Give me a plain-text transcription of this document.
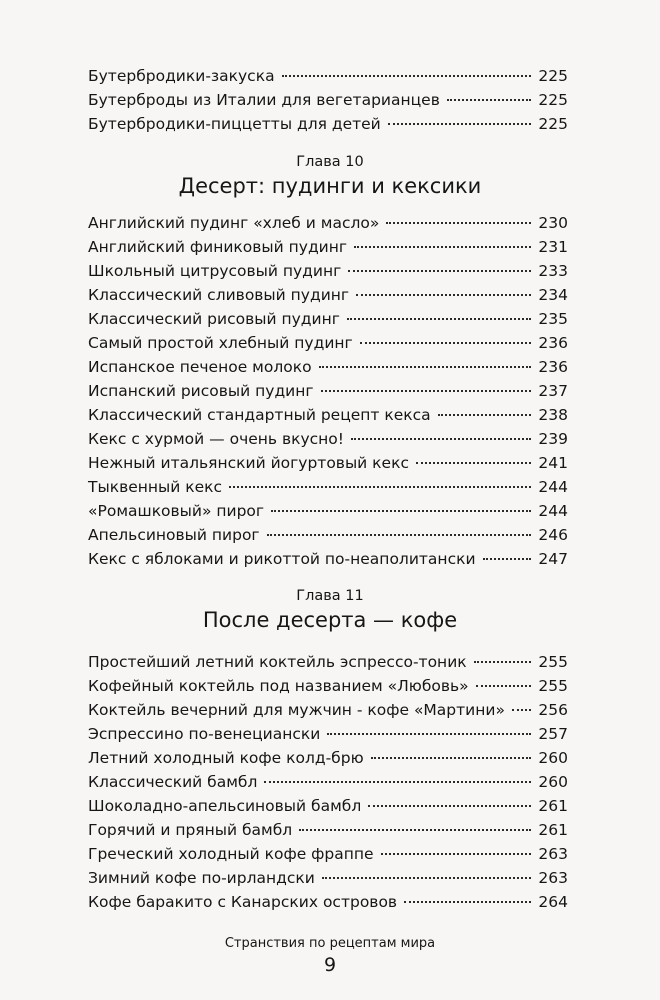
Бутербродики-закуска	225
Бутерброды из Италии для вегетарианцев	225
Бутербродики-пиццетты для детей	225
Глава 10
Десерт: пудинги и кексики
Английский пудинг «хлеб и масло»	230
Английский финиковый пудинг	231
Школьный цитрусовый пудинг	233
Классический сливовый пудинг	234
Классический рисовый пудинг	235
Самый простой хлебный пудинг	236
Испанское печеное молоко	236
Испанский рисовый пудинг	237
Классический стандартный рецепт кекса	238
Кекс с хурмой — очень вкусно!	239
Нежный итальянский йогуртовый кекс	241
Тыквенный кекс	244
«Ромашковый» пирог	244
Апельсиновый пирог	246
Кекс с яблоками и рикоттой по-неаполитански	247
Глава 11
После десерта — кофе
Простейший летний коктейль эспрессо-тоник	255
Кофейный коктейль под названием «Любовь»	255
Коктейль вечерний для мужчин - кофе «Мартини» 256
Эспрессино по-венециански	257
Летний холодный кофе колд-брю	260
Классический бамбл	260
Шоколадно-апельсиновый бамбл	261
Горячий и пряный бамбл	261
Греческий холодный кофе фраппе	263
Зимний кофе по-ирландски	263
Кофе баракито с Канарских островов	264
Странствия по рецептам мира
9
